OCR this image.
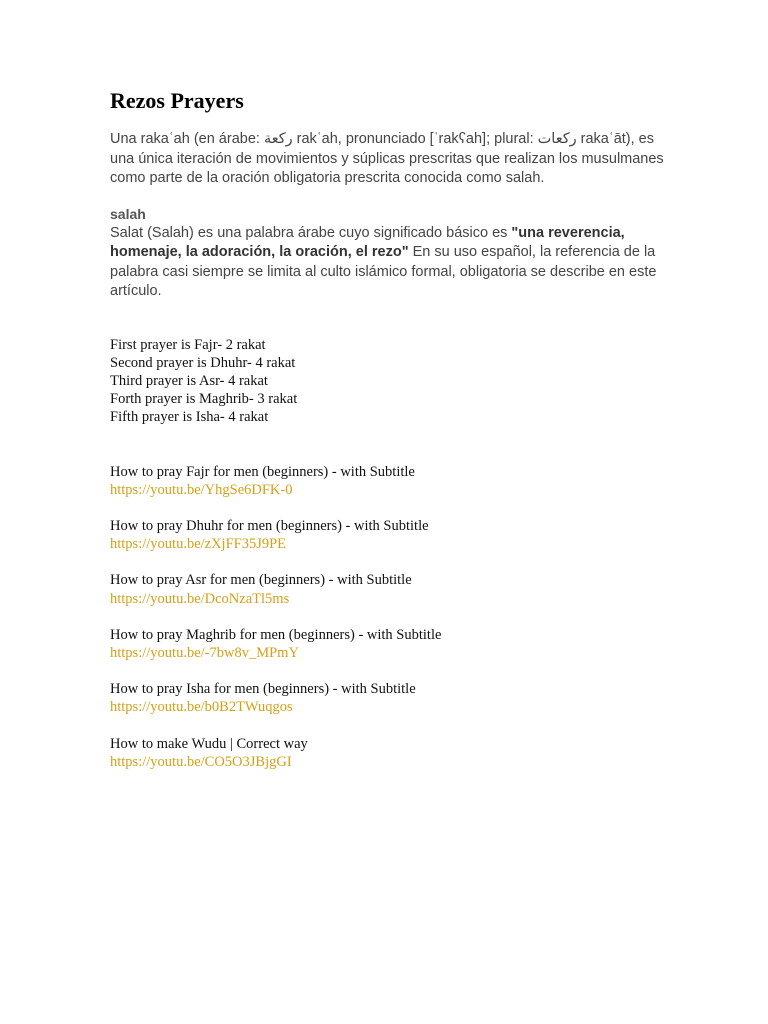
Rezos Prayers

Una rakaʿah (en árabe: ركعة rakʿah, pronunciado [ˈrakʕah]; plural: ركعات rakaʿāt), es una única iteración de movimientos y súplicas prescritas que realizan los musulmanes como parte de la oración obligatoria prescrita conocida como salah.

salah

Salat (Salah) es una palabra árabe cuyo significado básico es "una reverencia, homenaje, la adoración, la oración, el rezo" En su uso español, la referencia de la palabra casi siempre se limita al culto islámico formal, obligatoria se describe en este artículo.

First prayer is Fajr- 2 rakat
Second prayer is Dhuhr- 4 rakat
Third prayer is Asr- 4 rakat
Forth prayer is Maghrib- 3 rakat
Fifth prayer is Isha- 4 rakat
How to pray Fajr for men (beginners) - with Subtitle
https://youtu.be/YhgSe6DFK-0
How to pray Dhuhr for men (beginners) - with Subtitle
https://youtu.be/zXjFF35J9PE
How to pray Asr for men (beginners) - with Subtitle
https://youtu.be/DcoNzaTl5ms
How to pray Maghrib for men (beginners) - with Subtitle https://youtu.be/-7bw8v_MPmY
How to pray Isha for men (beginners) - with Subtitle
https://youtu.be/b0B2TWuqgos
How to make Wudu | Correct way
https://youtu.be/CO5O3JBjgGI
